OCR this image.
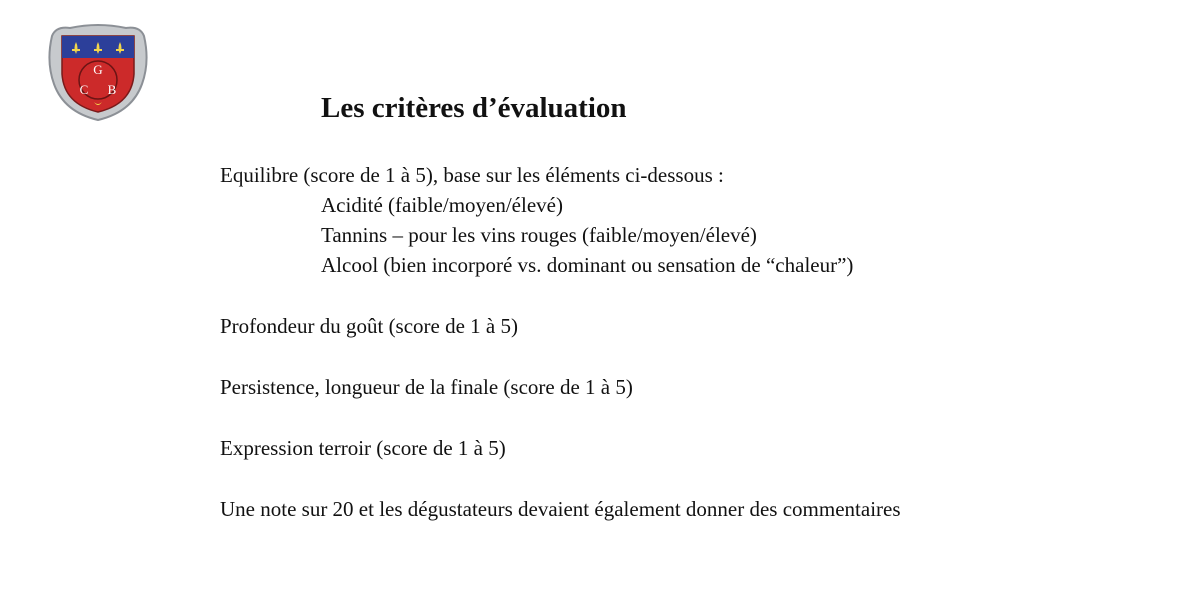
G
C B
Les critères d’évaluation
Equilibre (score de 1 à 5), base sur les éléments ci-dessous :
Acidité (faible/moyen/élevé)
Tannins – pour les vins rouges (faible/moyen/élevé)
Alcool (bien incorporé vs. dominant ou sensation de “chaleur”)
Profondeur du goût (score de 1 à 5)
Persistence, longueur de la finale (score de 1 à 5)
Expression terroir (score de 1 à 5)
Une note sur 20 et les dégustateurs devaient également donner des commentaires
